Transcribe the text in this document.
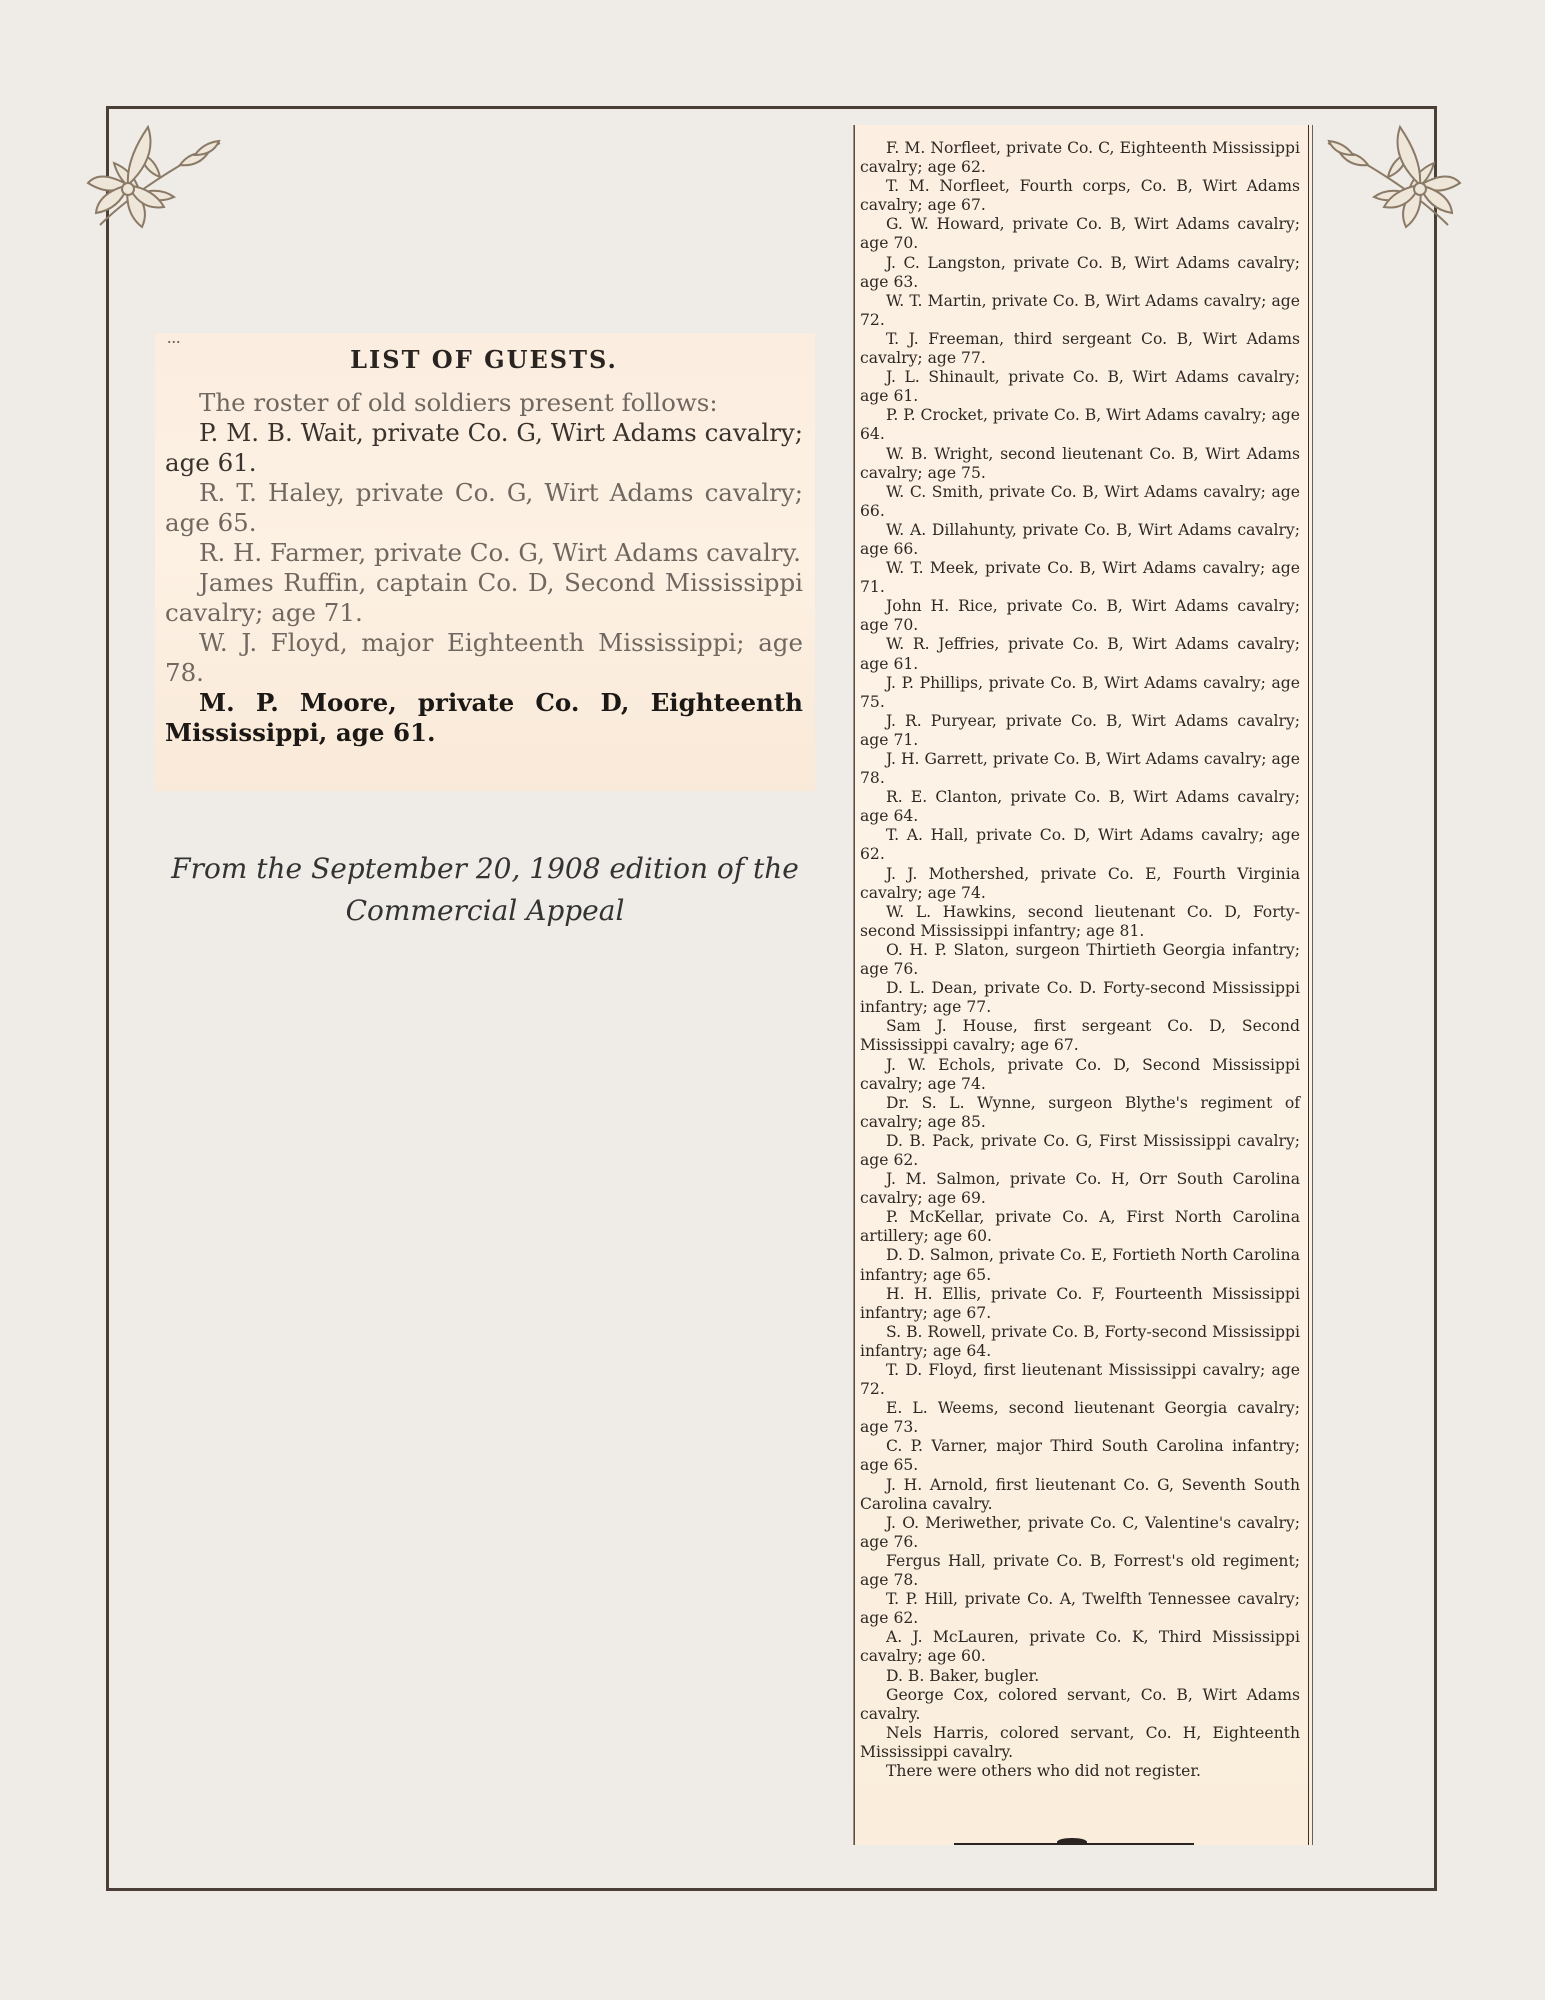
...
LIST OF GUESTS.

The roster of old soldiers present follows:

P. M. B. Wait, private Co. G, Wirt Adams cavalry; age 61.

R. T. Haley, private Co. G, Wirt Adams cavalry; age 65.

R. H. Farmer, private Co. G, Wirt Adams cavalry.

James Ruffin, captain Co. D, Second Mississippi cavalry; age 71.

W. J. Floyd, major Eighteenth Mississippi; age 78.

M. P. Moore, private Co. D, Eighteenth Mississippi, age 61.

From the September 20, 1908 edition of the Commercial Appeal

F. M. Norfleet, private Co. C, Eighteenth Mississippi cavalry; age 62.

T. M. Norfleet, Fourth corps, Co. B, Wirt Adams cavalry; age 67.

G. W. Howard, private Co. B, Wirt Adams cavalry; age 70.

J. C. Langston, private Co. B, Wirt Adams cavalry; age 63.

W. T. Martin, private Co. B, Wirt Adams cavalry; age 72.

T. J. Freeman, third sergeant Co. B, Wirt Adams cavalry; age 77.

J. L. Shinault, private Co. B, Wirt Adams cavalry; age 61.

P. P. Crocket, private Co. B, Wirt Adams cavalry; age 64.

W. B. Wright, second lieutenant Co. B, Wirt Adams cavalry; age 75.

W. C. Smith, private Co. B, Wirt Adams cavalry; age 66.

W. A. Dillahunty, private Co. B, Wirt Adams cavalry; age 66.

W. T. Meek, private Co. B, Wirt Adams cavalry; age 71.

John H. Rice, private Co. B, Wirt Adams cavalry; age 70.

W. R. Jeffries, private Co. B, Wirt Adams cavalry; age 61.

J. P. Phillips, private Co. B, Wirt Adams cavalry; age 75.

J. R. Puryear, private Co. B, Wirt Adams cavalry; age 71.

J. H. Garrett, private Co. B, Wirt Adams cavalry; age 78.

R. E. Clanton, private Co. B, Wirt Adams cavalry; age 64.

T. A. Hall, private Co. D, Wirt Adams cavalry; age 62.

J. J. Mothershed, private Co. E, Fourth Virginia cavalry; age 74.

W. L. Hawkins, second lieutenant Co. D, Forty-second Mississippi infantry; age 81.

O. H. P. Slaton, surgeon Thirtieth Georgia infantry; age 76.

D. L. Dean, private Co. D. Forty-second Mississippi infantry; age 77.

Sam J. House, first sergeant Co. D, Second Mississippi cavalry; age 67.

J. W. Echols, private Co. D, Second Mississippi cavalry; age 74.

Dr. S. L. Wynne, surgeon Blythe's regiment of cavalry; age 85.

D. B. Pack, private Co. G, First Mississippi cavalry; age 62.

J. M. Salmon, private Co. H, Orr South Carolina cavalry; age 69.

P. McKellar, private Co. A, First North Carolina artillery; age 60.

D. D. Salmon, private Co. E, Fortieth North Carolina infantry; age 65.

H. H. Ellis, private Co. F, Fourteenth Mississippi infantry; age 67.

S. B. Rowell, private Co. B, Forty-second Mississippi infantry; age 64.

T. D. Floyd, first lieutenant Mississippi cavalry; age 72.

E. L. Weems, second lieutenant Georgia cavalry; age 73.

C. P. Varner, major Third South Carolina infantry; age 65.

J. H. Arnold, first lieutenant Co. G, Seventh South Carolina cavalry.

J. O. Meriwether, private Co. C, Valentine's cavalry; age 76.

Fergus Hall, private Co. B, Forrest's old regiment; age 78.

T. P. Hill, private Co. A, Twelfth Tennessee cavalry; age 62.

A. J. McLauren, private Co. K, Third Mississippi cavalry; age 60.

D. B. Baker, bugler.

George Cox, colored servant, Co. B, Wirt Adams cavalry.

Nels Harris, colored servant, Co. H, Eighteenth Mississippi cavalry.

There were others who did not register.
